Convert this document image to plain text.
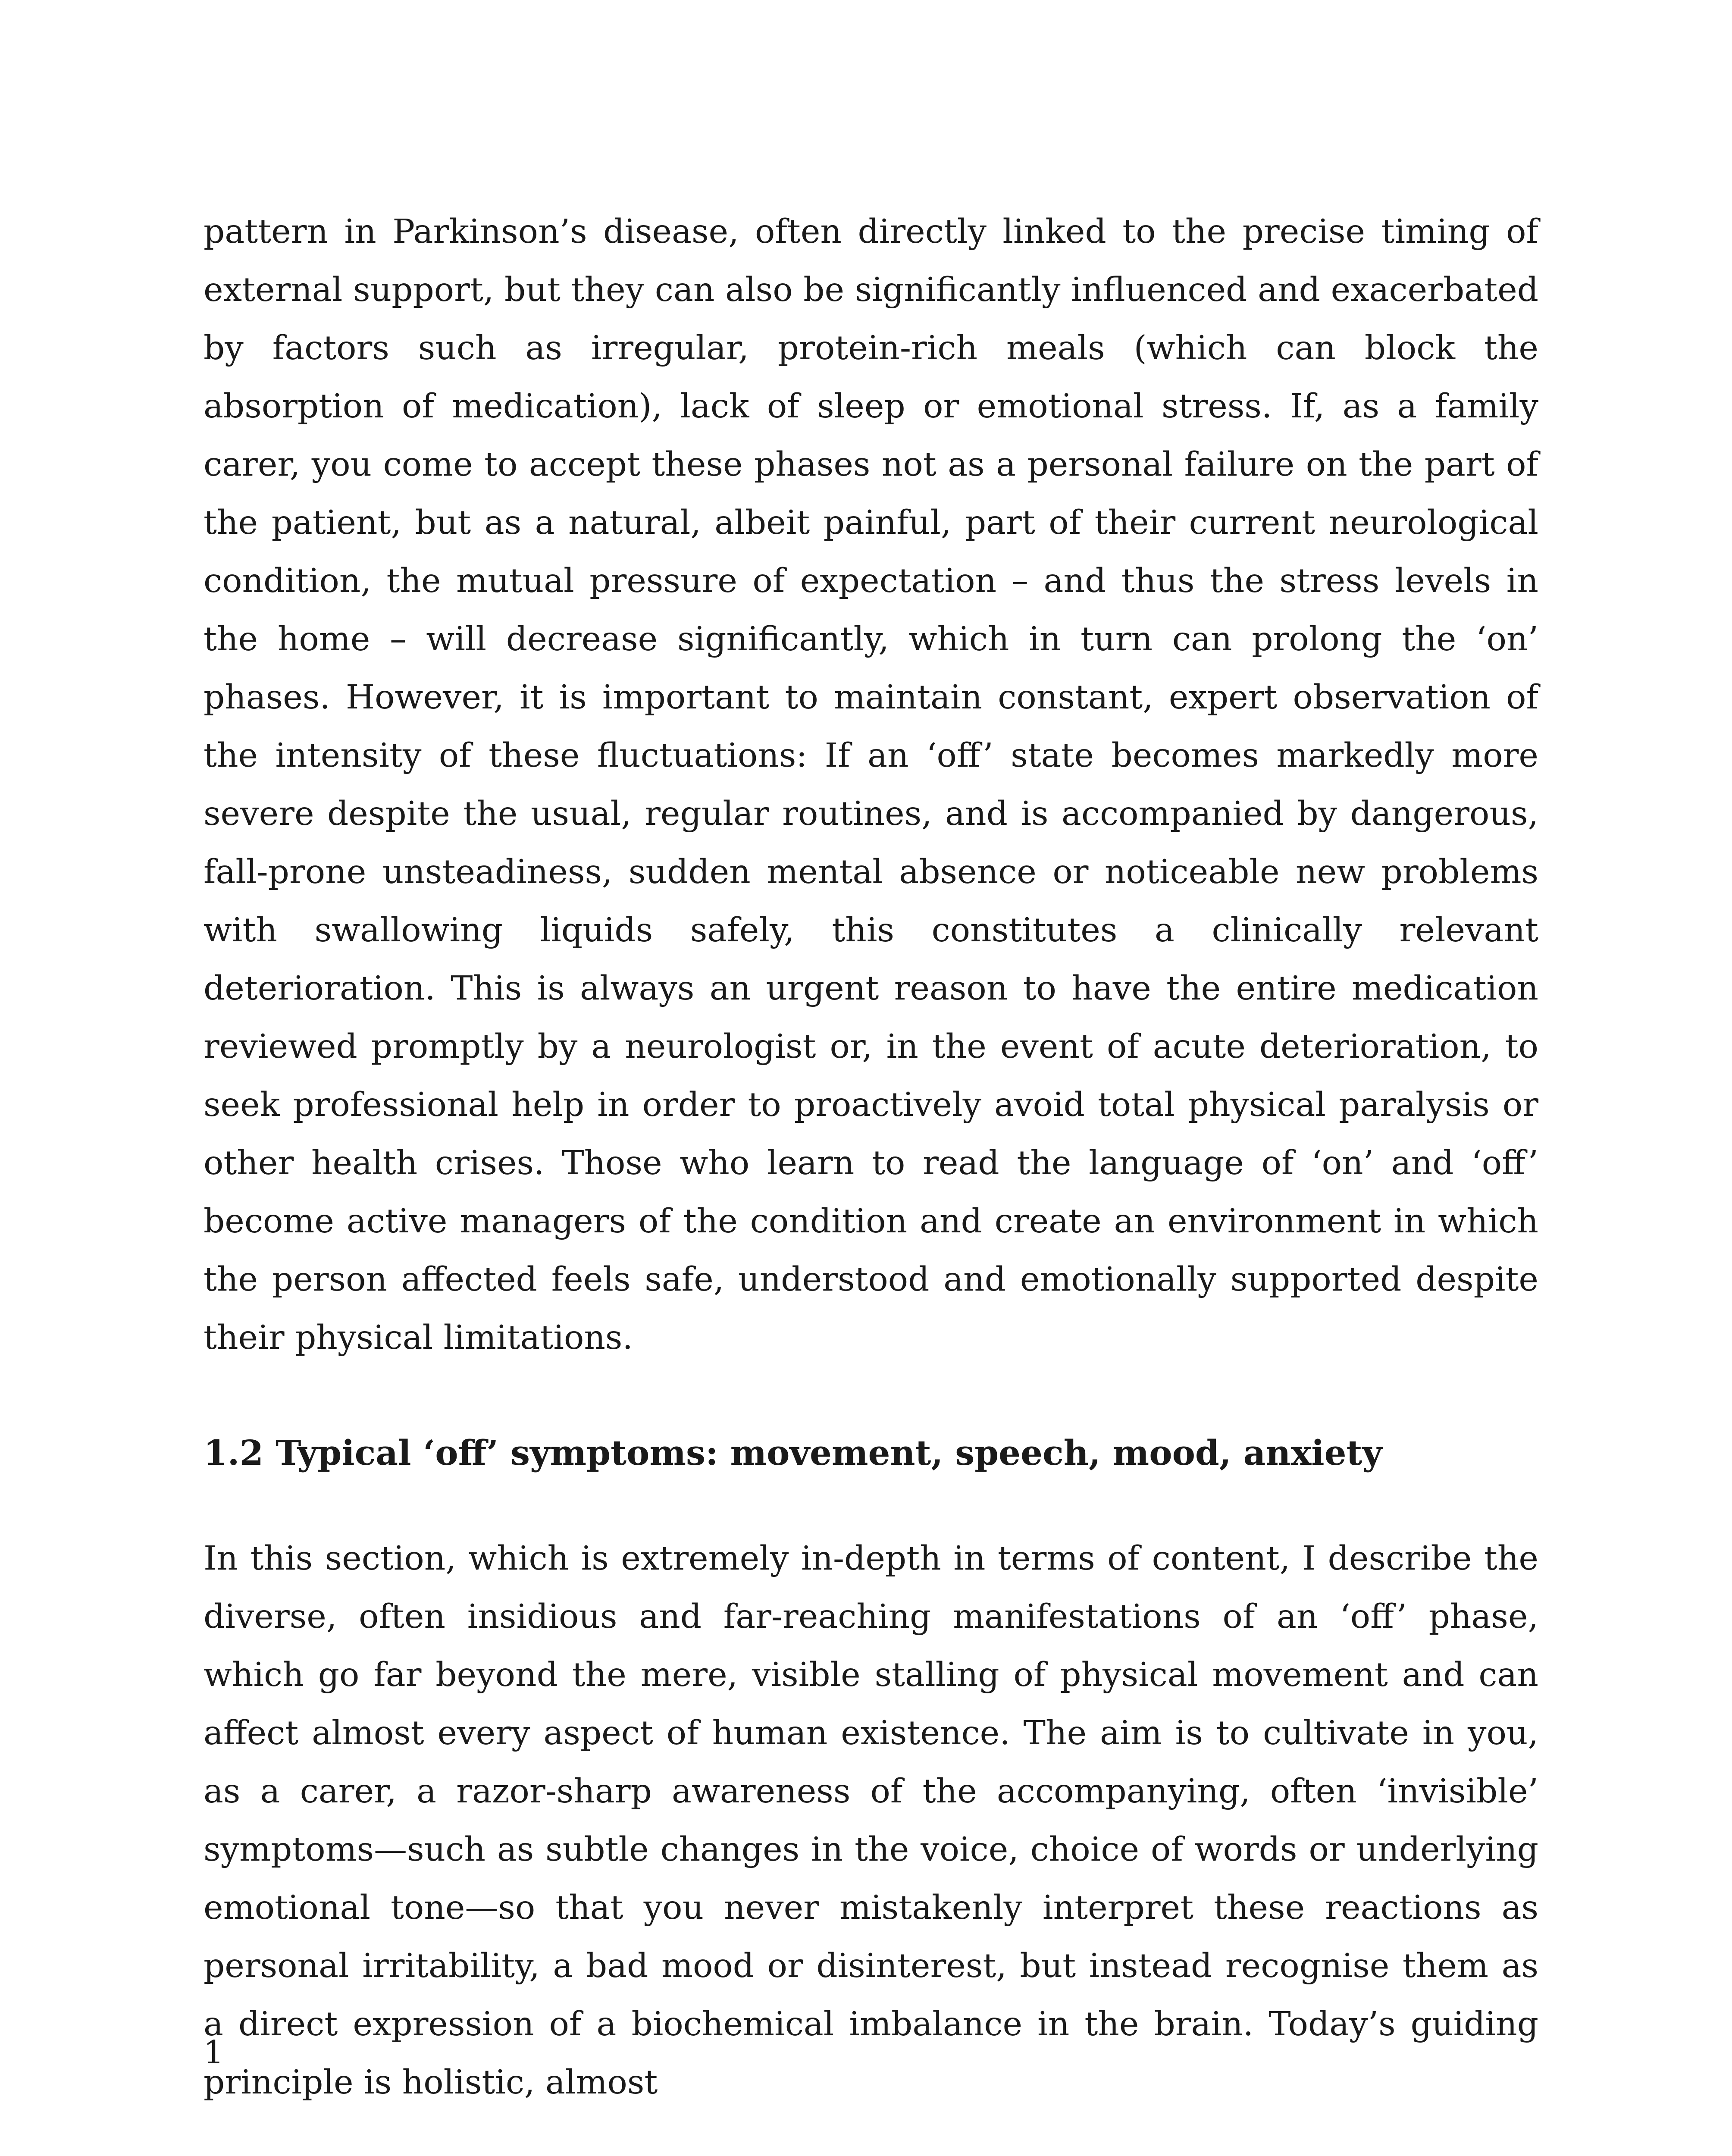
pattern in Parkinson’s disease, often directly linked to the precise timing of external support, but they can also be significantly influenced and exacerbated by factors such as irregular, protein-rich meals (which can block the absorption of medication), lack of sleep or emotional stress. If, as a family carer, you come to accept these phases not as a personal failure on the part of the patient, but as a natural, albeit painful, part of their current neurological condition, the mutual pressure of expectation – and thus the stress levels in the home – will decrease significantly, which in turn can prolong the ‘on’ phases. However, it is important to maintain constant, expert observation of the intensity of these fluctuations: If an ‘off’ state becomes markedly more severe despite the usual, regular routines, and is accompanied by dangerous, fall-prone unsteadiness, sudden mental absence or noticeable new problems with swallowing liquids safely, this constitutes a clinically relevant deterioration. This is always an urgent reason to have the entire medication reviewed promptly by a neurologist or, in the event of acute deterioration, to seek professional help in order to proactively avoid total physical paralysis or other health crises. Those who learn to read the language of ‘on’ and ‘off’ become active managers of the condition and create an environment in which the person affected feels safe, understood and emotionally supported despite their physical limitations.

1.2 Typical ‘off’ symptoms: movement, speech, mood, anxiety

In this section, which is extremely in-depth in terms of content, I describe the diverse, often insidious and far-reaching manifestations of an ‘off’ phase, which go far beyond the mere, visible stalling of physical movement and can affect almost every aspect of human existence. The aim is to cultivate in you, as a carer, a razor-sharp awareness of the accompanying, often ‘invisible’ symptoms—such as subtle changes in the voice, choice of words or underlying emotional tone—so that you never mistakenly interpret these reactions as personal irritability, a bad mood or disinterest, but instead recognise them as a direct expression of a biochemical imbalance in the brain. Today’s guiding principle is holistic, almost

1
